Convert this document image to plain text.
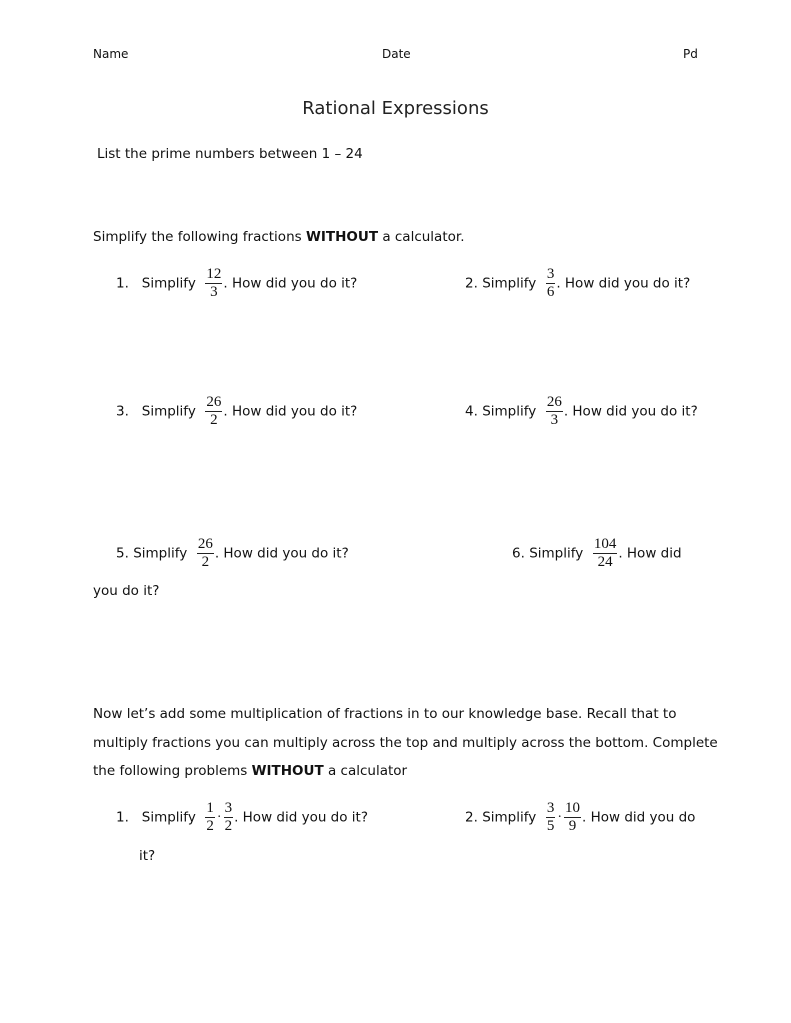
Name	Date	Pd
Rational Expressions
List the prime numbers between 1 – 24
Simplify the following fractions WITHOUT a calculator.
1. Simplify $\frac{12}{3}$ . How did you do it?	2. Simplify $\frac{3}{6}$ . How did you do it?
3. Simplify $\frac{26}{2}$ . How did you do it?	4. Simplify $\frac{26}{3}$ . How did you do it?
5. Simplify $\frac{26}{2}$ . How did you do it?	6. Simplify $\frac{104}{24}$ . How did
you do it?
Now let’s add some multiplication of fractions in to our knowledge base. Recall that to
multiply fractions you can multiply across the top and multiply across the bottom. Complete
the following problems WITHOUT a calculator
1. Simplify $\frac{1}{2} \cdot \frac{3}{2}$ . How did you do it?	2. Simplify $\frac{3}{5} \cdot \frac{10}{9}$ . How did you do
it?
